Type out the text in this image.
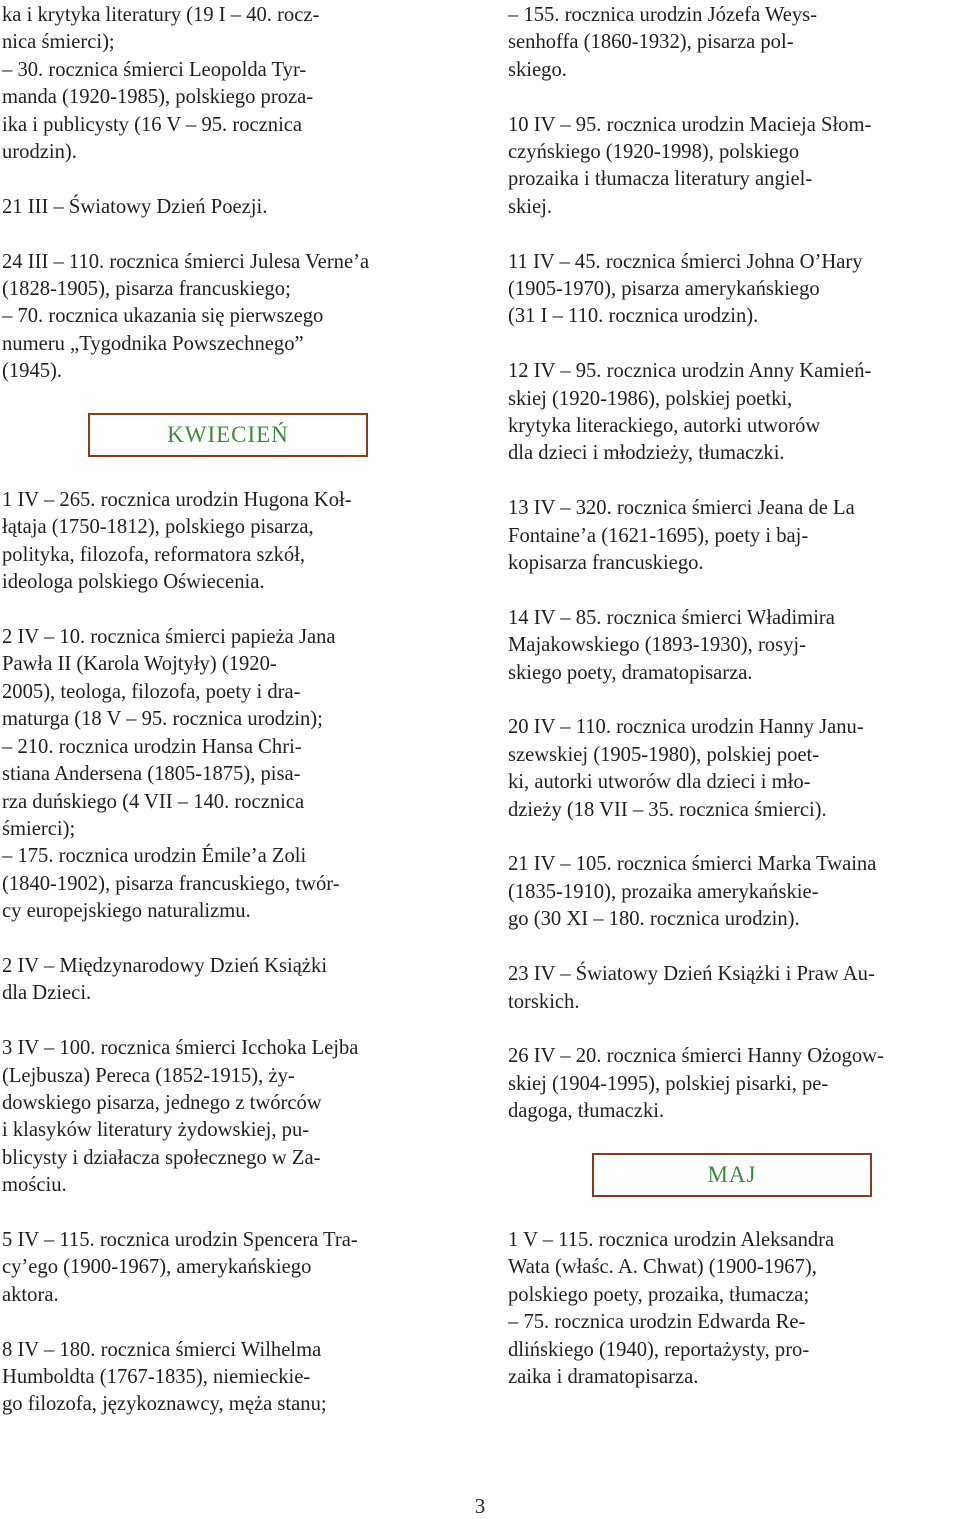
ka i krytyka literatury (19 I – 40. rocz-
nica śmierci);
– 30. rocznica śmierci Leopolda Tyr-
manda (1920-1985), polskiego proza-
ika i publicysty (16 V – 95. rocznica
urodzin).
21 III – Światowy Dzień Poezji.
24 III – 110. rocznica śmierci Julesa Verne’a
(1828-1905), pisarza francuskiego;
– 70. rocznica ukazania się pierwszego
numeru „Tygodnika Powszechnego”
(1945).
KWIECIEŃ
1 IV – 265. rocznica urodzin Hugona Koł-
łątaja (1750-1812), polskiego pisarza,
polityka, filozofa, reformatora szkół,
ideologa polskiego Oświecenia.
2 IV – 10. rocznica śmierci papieża Jana
Pawła II (Karola Wojtyły) (1920-
2005), teologa, filozofa, poety i dra-
maturga (18 V – 95. rocznica urodzin);
– 210. rocznica urodzin Hansa Chri-
stiana Andersena (1805-1875), pisa-
rza duńskiego (4 VII – 140. rocznica
śmierci);
– 175. rocznica urodzin Émile’a Zoli
(1840-1902), pisarza francuskiego, twór-
cy europejskiego naturalizmu.
2 IV – Międzynarodowy Dzień Książki
dla Dzieci.
3 IV – 100. rocznica śmierci Icchoka Lejba
(Lejbusza) Pereca (1852-1915), ży-
dowskiego pisarza, jednego z twórców
i klasyków literatury żydowskiej, pu-
blicysty i działacza społecznego w Za-
mościu.
5 IV – 115. rocznica urodzin Spencera Tra-
cy’ego (1900-1967), amerykańskiego
aktora.
8 IV – 180. rocznica śmierci Wilhelma
Humboldta (1767-1835), niemieckie-
go filozofa, językoznawcy, męża stanu;
– 155. rocznica urodzin Józefa Weys-
senhoffa (1860-1932), pisarza pol-
skiego.
10 IV – 95. rocznica urodzin Macieja Słom-
czyńskiego (1920-1998), polskiego
prozaika i tłumacza literatury angiel-
skiej.
11 IV – 45. rocznica śmierci Johna O’Hary
(1905-1970), pisarza amerykańskiego
(31 I – 110. rocznica urodzin).
12 IV – 95. rocznica urodzin Anny Kamień-
skiej (1920-1986), polskiej poetki,
krytyka literackiego, autorki utworów
dla dzieci i młodzieży, tłumaczki.
13 IV – 320. rocznica śmierci Jeana de La
Fontaine’a (1621-1695), poety i baj-
kopisarza francuskiego.
14 IV – 85. rocznica śmierci Władimira
Majakowskiego (1893-1930), rosyj-
skiego poety, dramatopisarza.
20 IV – 110. rocznica urodzin Hanny Janu-
szewskiej (1905-1980), polskiej poet-
ki, autorki utworów dla dzieci i mło-
dzieży (18 VII – 35. rocznica śmierci).
21 IV – 105. rocznica śmierci Marka Twaina
(1835-1910), prozaika amerykańskie-
go (30 XI – 180. rocznica urodzin).
23 IV – Światowy Dzień Książki i Praw Au-
torskich.
26 IV – 20. rocznica śmierci Hanny Ożogow-
skiej (1904-1995), polskiej pisarki, pe-
dagoga, tłumaczki.
MAJ
1 V – 115. rocznica urodzin Aleksandra
Wata (właśc. A. Chwat) (1900-1967),
polskiego poety, prozaika, tłumacza;
– 75. rocznica urodzin Edwarda Re-
dlińskiego (1940), reportażysty, pro-
zaika i dramatopisarza.
3
